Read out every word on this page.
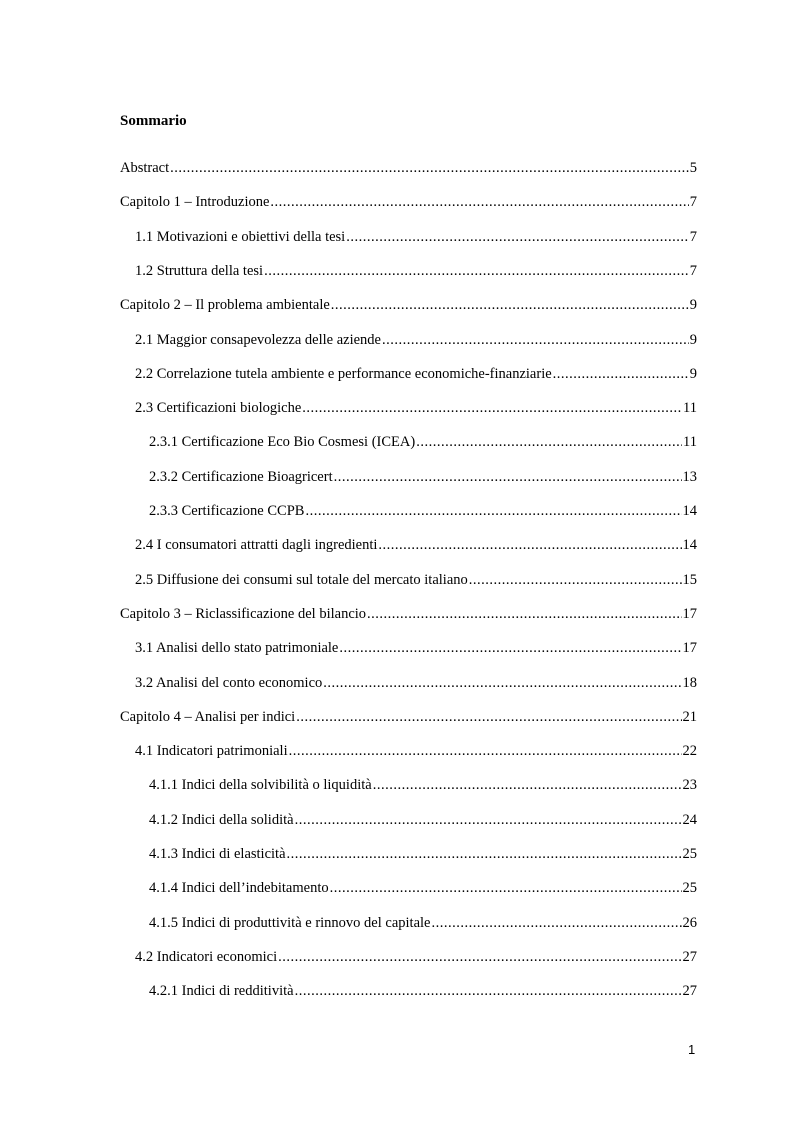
Sommario
Abstract .....	5
Capitolo 1 – Introduzione .....	7
1.1 Motivazioni e obiettivi della tesi .....	7
1.2 Struttura della tesi .....	7
Capitolo 2 – Il problema ambientale .....	9
2.1 Maggior consapevolezza delle aziende .....	9
2.2 Correlazione tutela ambiente e performance economiche-finanziarie .....	9
2.3 Certificazioni biologiche .....	11
2.3.1 Certificazione Eco Bio Cosmesi (ICEA) .....	11
2.3.2 Certificazione Bioagricert .....	13
2.3.3 Certificazione CCPB .....	14
2.4 I consumatori attratti dagli ingredienti .....	14
2.5 Diffusione dei consumi sul totale del mercato italiano .....	15
Capitolo 3 – Riclassificazione del bilancio .....	17
3.1 Analisi dello stato patrimoniale .....	17
3.2 Analisi del conto economico .....	18
Capitolo 4 – Analisi per indici .....	21
4.1 Indicatori patrimoniali .....	22
4.1.1 Indici della solvibilità o liquidità .....	23
4.1.2 Indici della solidità .....	24
4.1.3 Indici di elasticità .....	25
4.1.4 Indici dell’indebitamento .....	25
4.1.5 Indici di produttività e rinnovo del capitale .....	26
4.2 Indicatori economici .....	27
4.2.1 Indici di redditività .....	27
1
